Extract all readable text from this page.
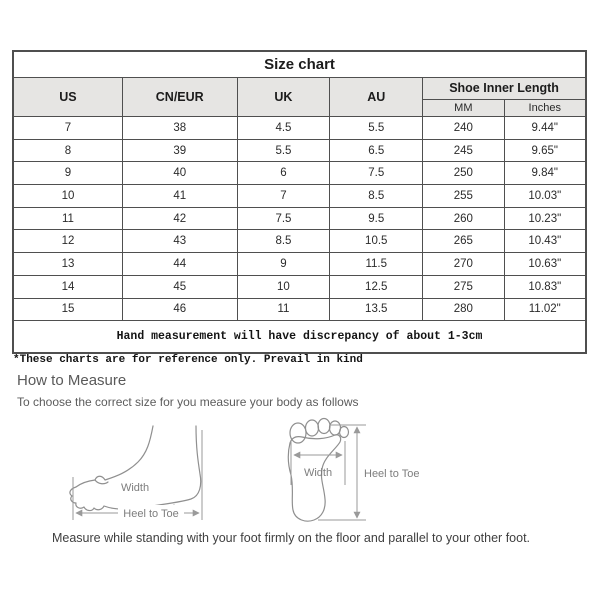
Size chart					
US	CN/EUR	UK	AU	Shoe Inner Length	
				MM	Inches
7	38	4.5	5.5	240	9.44"
8	39	5.5	6.5	245	9.65"
9	40	6	7.5	250	9.84"
10	41	7	8.5	255	10.03"
11	42	7.5	9.5	260	10.23"
12	43	8.5	10.5	265	10.43"
13	44	9	11.5	270	10.63"
14	45	10	12.5	275	10.83"
15	46	11	13.5	280	11.02"
Hand measurement will have discrepancy of about 1-3cm					
*These charts are for reference only. Prevail in kind
How to Measure
To choose the correct size for you measure your body as follows
Heel to Toe
Width
Width	Heel to Toe
Measure while standing with your foot firmly on the floor and parallel to your other foot.
